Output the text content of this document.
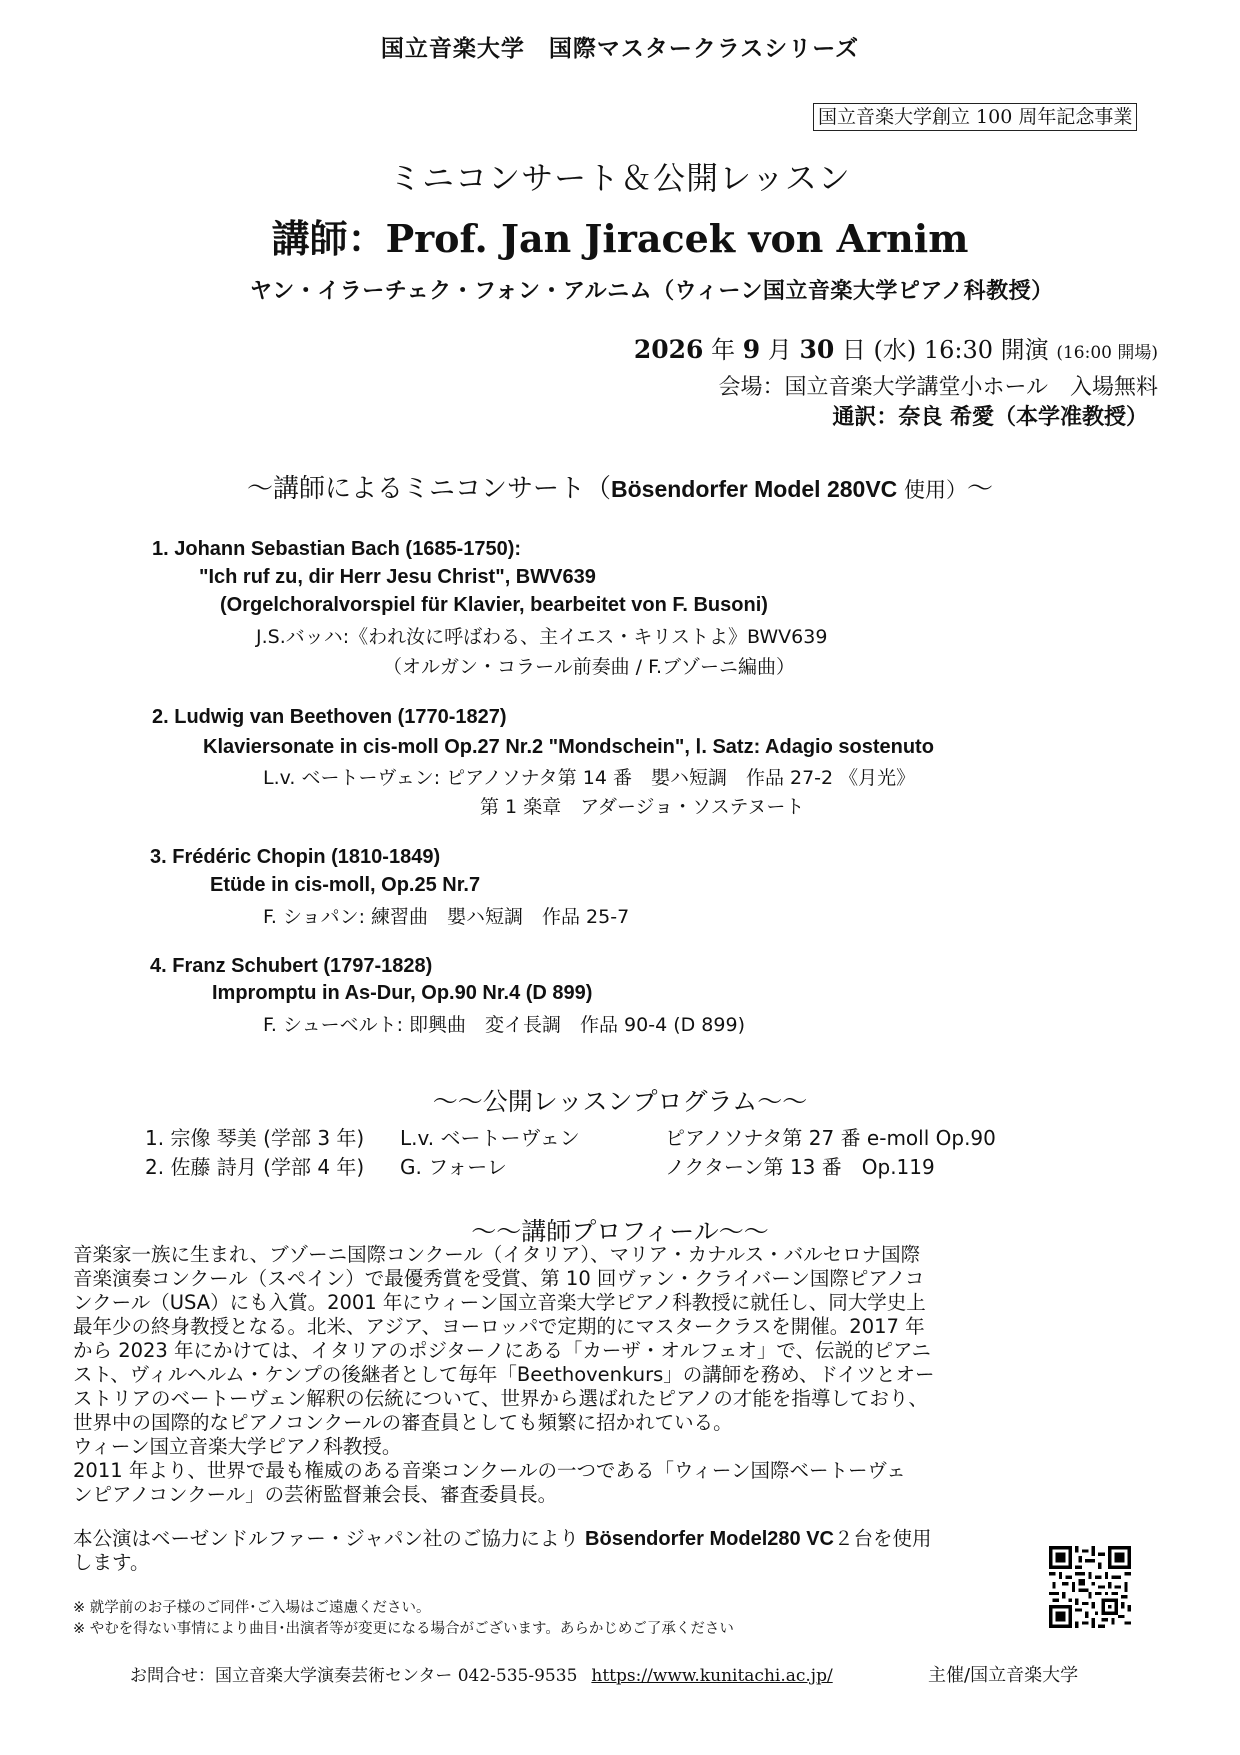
国立音楽大学　国際マスタークラスシリーズ
国立音楽大学創立 100 周年記念事業
ミニコンサート＆公開レッスン
講師：Prof. Jan Jiracek von Arnim
ヤン・イラーチェク・フォン・アルニム（ウィーン国立音楽大学ピアノ科教授）
2026 年 9 月 30 日 (水) 16:30 開演 (16:00 開場)
会場：国立音楽大学講堂小ホール　入場無料
通訳：奈良 希愛（本学准教授）
～講師によるミニコンサート（Bösendorfer Model 280VC 使用）～
1. Johann Sebastian Bach (1685-1750):
"Ich ruf zu, dir Herr Jesu Christ", BWV639
(Orgelchoralvorspiel für Klavier, bearbeitet von F. Busoni)
J.S.バッハ:《われ汝に呼ばわる、主イエス・キリストよ》BWV639
（オルガン・コラール前奏曲 / F.ブゾーニ編曲）
2. Ludwig van Beethoven (1770-1827)
Klaviersonate in cis-moll Op.27 Nr.2 "Mondschein", Ⅰ. Satz: Adagio sostenuto
L.v. ベートーヴェン: ピアノソナタ第 14 番　嬰ハ短調　作品 27-2 《月光》
第 1 楽章　アダージョ・ソステヌート
3. Frédéric Chopin (1810-1849)
Etüde in cis-moll, Op.25 Nr.7
F. ショパン: 練習曲　嬰ハ短調　作品 25-7
4. Franz Schubert (1797-1828)
Impromptu in As-Dur, Op.90 Nr.4 (D 899)
F. シューベルト: 即興曲　変イ長調　作品 90-4 (D 899)
～～公開レッスンプログラム～～
1. 宗像 琴美 (学部 3 年) L.v. ベートーヴェン	ピアノソナタ第 27 番 e-moll Op.90
2. 佐藤 詩月 (学部 4 年) G. フォーレ	ノクターン第 13 番　Op.119
～～講師プロフィール～～
音楽家一族に生まれ、ブゾーニ国際コンクール（イタリア）、マリア・カナルス・バルセロナ国際
音楽演奏コンクール（スペイン）で最優秀賞を受賞、第 10 回ヴァン・クライバーン国際ピアノコ
ンクール（USA）にも入賞。2001 年にウィーン国立音楽大学ピアノ科教授に就任し、同大学史上
最年少の終身教授となる。北米、アジア、ヨーロッパで定期的にマスタークラスを開催。2017 年
から 2023 年にかけては、イタリアのポジターノにある「カーザ・オルフェオ」で、伝説的ピアニ
スト、ヴィルヘルム・ケンプの後継者として毎年「Beethovenkurs」の講師を務め、ドイツとオー
ストリアのベートーヴェン解釈の伝統について、世界から選ばれたピアノの才能を指導しており、
世界中の国際的なピアノコンクールの審査員としても頻繁に招かれている。
ウィーン国立音楽大学ピアノ科教授。
2011 年より、世界で最も権威のある音楽コンクールの一つである「ウィーン国際ベートーヴェ
ンピアノコンクール」の芸術監督兼会長、審査委員長。
本公演はベーゼンドルファー・ジャパン社のご協力により Bösendorfer Model280 VC２台を使用
します。
※ 就学前のお子様のご同伴･ご入場はご遠慮ください。
※ やむを得ない事情により曲目･出演者等が変更になる場合がございます。あらかじめご了承ください
お問合せ：国立音楽大学演奏芸術センター 042-535-9535 https://www.kunitachi.ac.jp/	主催/国立音楽大学
